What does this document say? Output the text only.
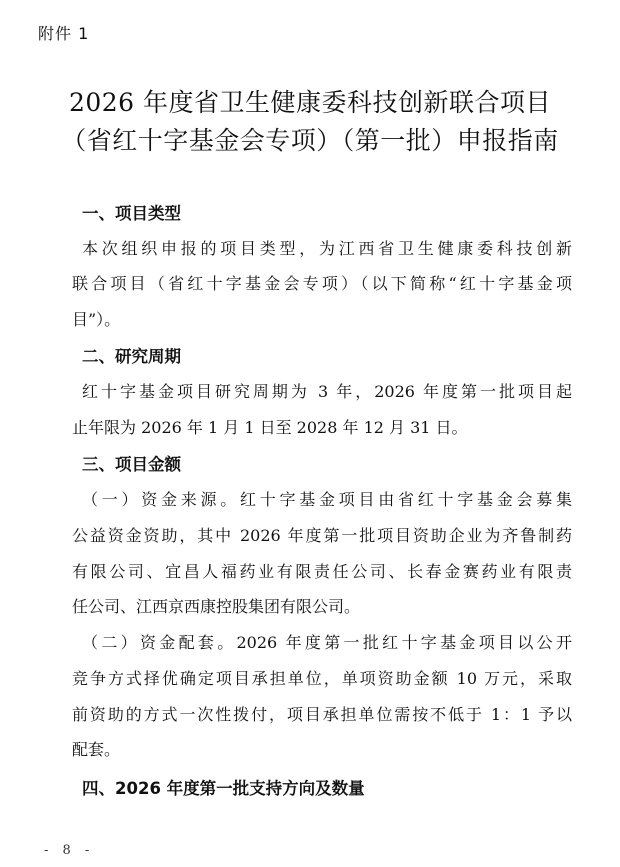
附件 1
2026 年度省卫生健康委科技创新联合项目
（省红十字基金会专项）（第一批）申报指南
一、项目类型
本次组织申报的项目类型，为江西省卫生健康委科技创新
联合项目（省红十字基金会专项）（以下简称“红十字基金项
目”）。
二、研究周期
红十字基金项目研究周期为 3 年，2026 年度第一批项目起
止年限为 2026 年 1 月 1 日至 2028 年 12 月 31 日。
三、项目金额
（一）资金来源。红十字基金项目由省红十字基金会募集
公益资金资助，其中 2026 年度第一批项目资助企业为齐鲁制药
有限公司、宜昌人福药业有限责任公司、长春金赛药业有限责
任公司、江西京西康控股集团有限公司。
（二）资金配套。2026 年度第一批红十字基金项目以公开
竞争方式择优确定项目承担单位，单项资助金额 10 万元，采取
前资助的方式一次性拨付，项目承担单位需按不低于 1：1 予以
配套。
四、2026 年度第一批支持方向及数量
- 8 -
